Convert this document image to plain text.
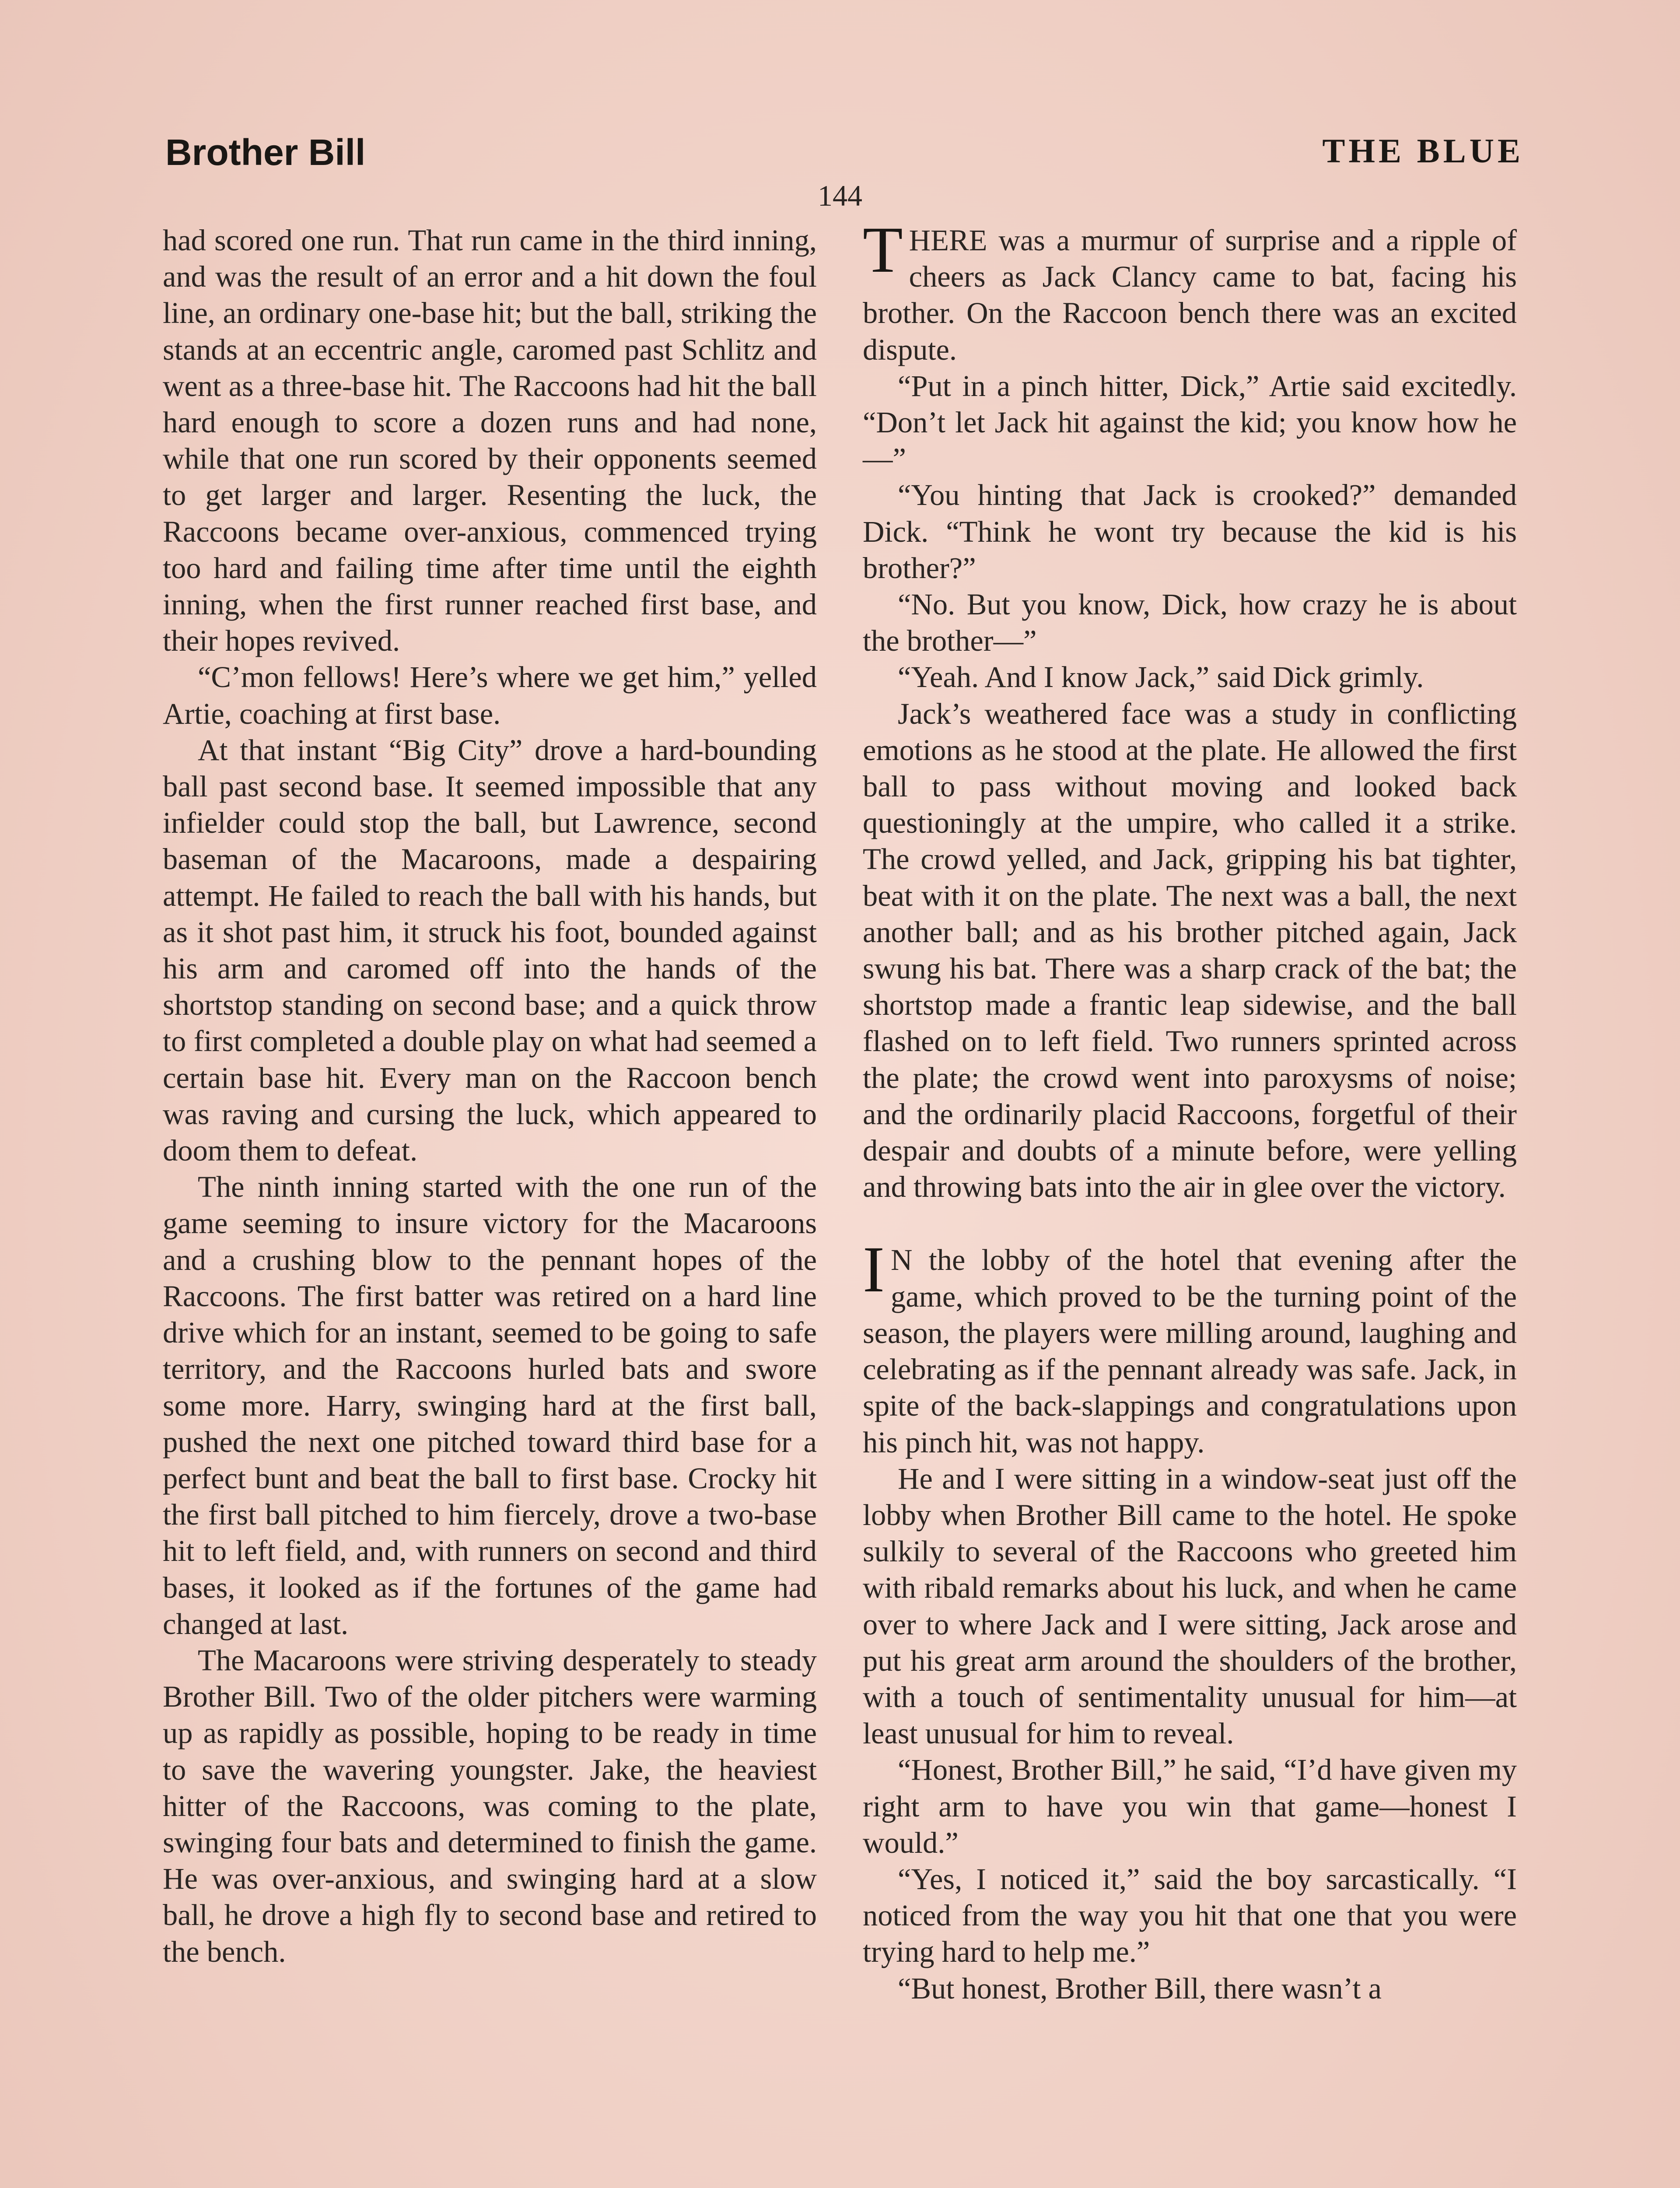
Brother Bill	THE BLUE
144

had scored one run. That run came in the third inning, and was the result of an error and a hit down the foul line, an ordinary one-base hit; but the ball, striking the stands at an eccentric angle, caromed past Schlitz and went as a three-base hit. The Raccoons had hit the ball hard enough to score a dozen runs and had none, while that one run scored by their opponents seemed to get larger and larger. Resenting the luck, the Raccoons became over-anxious, commenced trying too hard and failing time after time until the eighth inning, when the first runner reached first base, and their hopes revived.

“C’mon fellows! Here’s where we get him,” yelled Artie, coaching at first base.

At that instant “Big City” drove a hard-bounding ball past second base. It seemed impossible that any infielder could stop the ball, but Lawrence, second baseman of the Macaroons, made a despairing attempt. He failed to reach the ball with his hands, but as it shot past him, it struck his foot, bounded against his arm and caromed off into the hands of the shortstop standing on second base; and a quick throw to first completed a double play on what had seemed a certain base hit. Every man on the Raccoon bench was raving and cursing the luck, which appeared to doom them to defeat.

The ninth inning started with the one run of the game seeming to insure victory for the Macaroons and a crushing blow to the pennant hopes of the Raccoons. The first batter was retired on a hard line drive which for an instant, seemed to be going to safe territory, and the Raccoons hurled bats and swore some more. Harry, swinging hard at the first ball, pushed the next one pitched toward third base for a perfect bunt and beat the ball to first base. Crocky hit the first ball pitched to him fiercely, drove a two-base hit to left field, and, with runners on second and third bases, it looked as if the fortunes of the game had changed at last.

The Macaroons were striving desperately to steady Brother Bill. Two of the older pitchers were warming up as rapidly as possible, hoping to be ready in time to save the wavering youngster. Jake, the heaviest hitter of the Raccoons, was coming to the plate, swinging four bats and determined to finish the game. He was over-anxious, and swinging hard at a slow ball, he drove a high fly to second base and retired to the bench.

THERE was a murmur of surprise and a ripple of cheers as Jack Clancy came to bat, facing his brother. On the Raccoon bench there was an excited dispute.

“Put in a pinch hitter, Dick,” Artie said excitedly. “Don’t let Jack hit against the kid; you know how he—”

“You hinting that Jack is crooked?” demanded Dick. “Think he wont try because the kid is his brother?”

“No. But you know, Dick, how crazy he is about the brother—”

“Yeah. And I know Jack,” said Dick grimly.

Jack’s weathered face was a study in conflicting emotions as he stood at the plate. He allowed the first ball to pass without moving and looked back questioningly at the umpire, who called it a strike. The crowd yelled, and Jack, gripping his bat tighter, beat with it on the plate. The next was a ball, the next another ball; and as his brother pitched again, Jack swung his bat. There was a sharp crack of the bat; the shortstop made a frantic leap sidewise, and the ball flashed on to left field. Two runners sprinted across the plate; the crowd went into paroxysms of noise; and the ordinarily placid Raccoons, forgetful of their despair and doubts of a minute before, were yelling and throwing bats into the air in glee over the victory.

I N the lobby of the hotel that evening after the game, which proved to be the turning point of the season, the players were milling around, laughing and celebrating as if the pennant already was safe. Jack, in spite of the back-slappings and congratulations upon his pinch hit, was not happy.

He and I were sitting in a window-seat just off the lobby when Brother Bill came to the hotel. He spoke sulkily to several of the Raccoons who greeted him with ribald remarks about his luck, and when he came over to where Jack and I were sitting, Jack arose and put his great arm around the shoulders of the brother, with a touch of sentimentality unusual for him—at least unusual for him to reveal.

“Honest, Brother Bill,” he said, “I’d have given my right arm to have you win that game—honest I would.”

“Yes, I noticed it,” said the boy sarcastically. “I noticed from the way you hit that one that you were trying hard to help me.”

“But honest, Brother Bill, there wasn’t a
